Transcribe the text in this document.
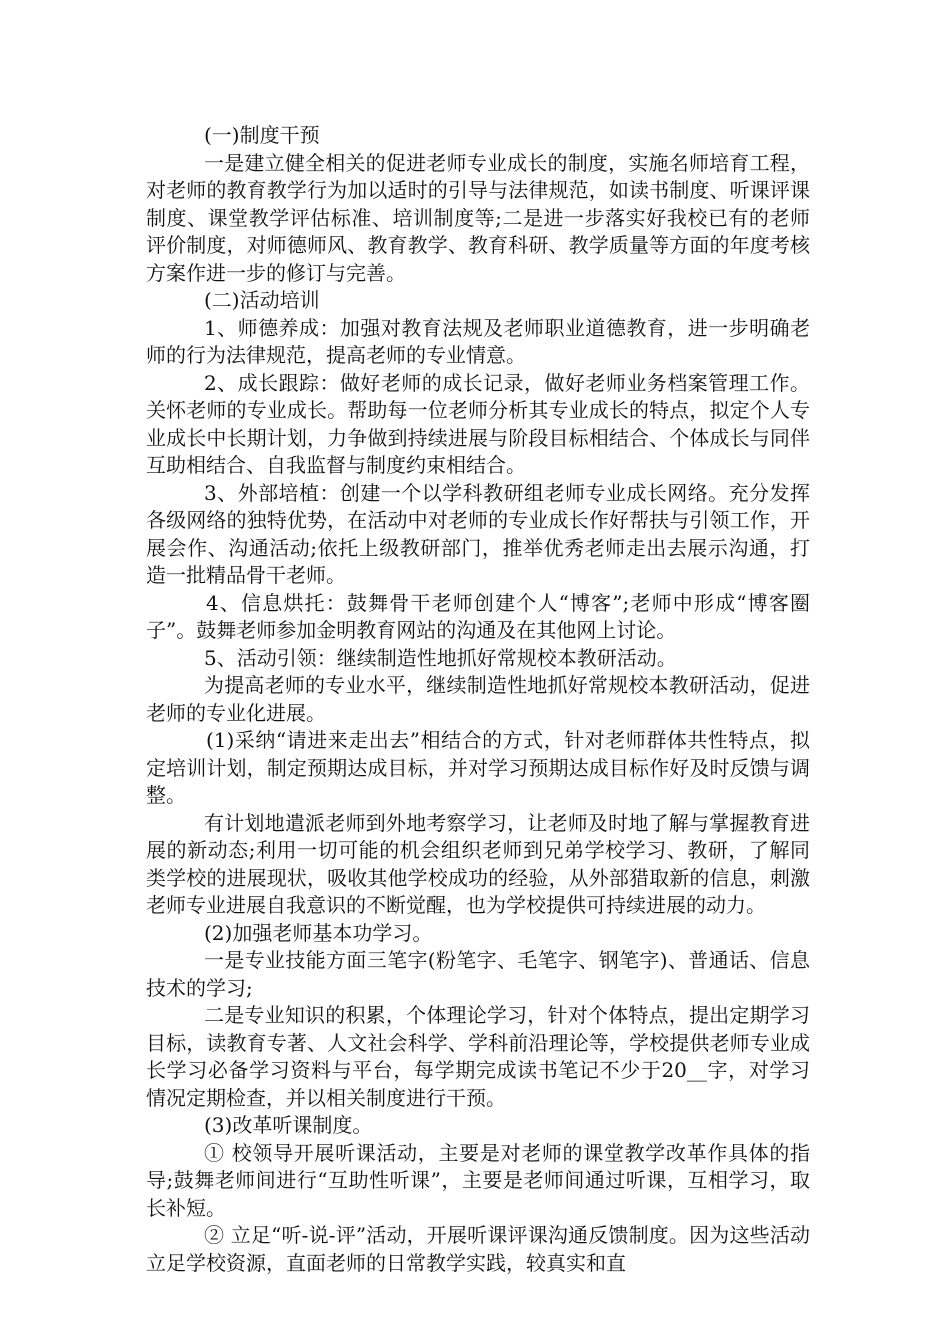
(一)制度干预

一是建立健全相关的促进老师专业成长的制度，实施名师培育工程，对老师的教育教学行为加以适时的引导与法律规范，如读书制度、听课评课制度、课堂教学评估标准、培训制度等;二是进一步落实好我校已有的老师评价制度，对师德师风、教育教学、教育科研、教学质量等方面的年度考核方案作进一步的修订与完善。

(二)活动培训

1、师德养成：加强对教育法规及老师职业道德教育，进一步明确老师的行为法律规范，提高老师的专业情意。

2、成长跟踪：做好老师的成长记录，做好老师业务档案管理工作。关怀老师的专业成长。帮助每一位老师分析其专业成长的特点，拟定个人专业成长中长期计划，力争做到持续进展与阶段目标相结合、个体成长与同伴互助相结合、自我监督与制度约束相结合。

3、外部培植：创建一个以学科教研组老师专业成长网络。充分发挥各级网络的独特优势，在活动中对老师的专业成长作好帮扶与引领工作，开展会作、沟通活动;依托上级教研部门，推举优秀老师走出去展示沟通，打造一批精品骨干老师。

4、信息烘托：鼓舞骨干老师创建个人“博客”;老师中形成“博客圈子”。鼓舞老师参加金明教育网站的沟通及在其他网上讨论。

5、活动引领：继续制造性地抓好常规校本教研活动。

为提高老师的专业水平，继续制造性地抓好常规校本教研活动，促进老师的专业化进展。

(1)采纳“请进来走出去”相结合的方式，针对老师群体共性特点，拟定培训计划，制定预期达成目标，并对学习预期达成目标作好及时反馈与调整。

有计划地遣派老师到外地考察学习，让老师及时地了解与掌握教育进展的新动态;利用一切可能的机会组织老师到兄弟学校学习、教研，了解同类学校的进展现状，吸收其他学校成功的经验，从外部猎取新的信息，刺激老师专业进展自我意识的不断觉醒，也为学校提供可持续进展的动力。

(2)加强老师基本功学习。

一是专业技能方面三笔字(粉笔字、毛笔字、钢笔字)、普通话、信息技术的学习;

二是专业知识的积累，个体理论学习，针对个体特点，提出定期学习目标，读教育专著、人文社会科学、学科前沿理论等，学校提供老师专业成长学习必备学习资料与平台，每学期完成读书笔记不少于20__字，对学习情况定期检查，并以相关制度进行干预。

(3)改革听课制度。

① 校领导开展听课活动，主要是对老师的课堂教学改革作具体的指导;鼓舞老师间进行“互助性听课”，主要是老师间通过听课，互相学习，取长补短。

② 立足“听-说-评”活动，开展听课评课沟通反馈制度。因为这些活动立足学校资源，直面老师的日常教学实践，较真实和直
